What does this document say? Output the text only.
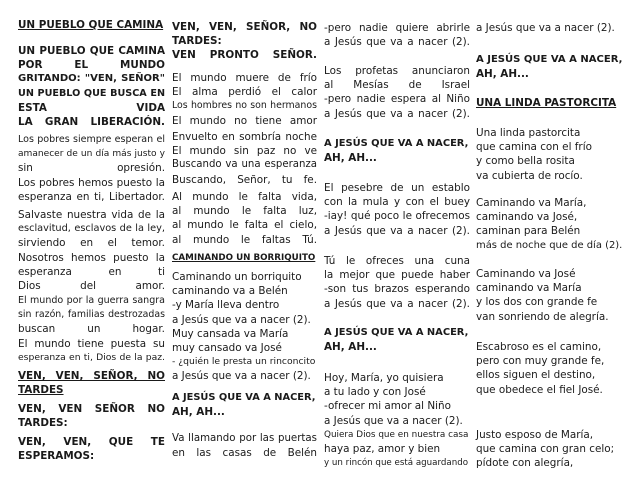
UN PUEBLO QUE CAMINA
UN PUEBLO QUE CAMINA
POR EL MUNDO
GRITANDO: "VEN, SEÑOR"
UN PUEBLO QUE BUSCA EN
ESTA VIDA
LA GRAN LIBERACIÓN.
Los pobres siempre esperan el
amanecer de un día más justo y
sin opresión.
Los pobres hemos puesto la
esperanza en ti, Libertador.
Salvaste nuestra vida de la
esclavitud, esclavos de la ley,
sirviendo en el temor.
Nosotros hemos puesto la
esperanza en ti
Dios del amor.
El mundo por la guerra sangra
sin razón, familias destrozadas
buscan un hogar.
El mundo tiene puesta su
esperanza en ti, Dios de la paz.
VEN, VEN, SEÑOR, NO
TARDES
VEN, VEN SEÑOR NO
TARDES:
VEN, VEN, QUE TE
ESPERAMOS:
VEN, VEN, SEÑOR, NO
TARDES:
VEN PRONTO SEÑOR.
El mundo muere de frío
El alma perdió el calor
Los hombres no son hermanos
El mundo no tiene amor
Envuelto en sombría noche
El mundo sin paz no ve
Buscando va una esperanza
Buscando, Señor, tu fe.
Al mundo le falta vida,
al mundo le falta luz,
al mundo le falta el cielo,
al mundo le faltas Tú.
CAMINANDO UN BORRIQUITO
Caminando un borriquito
caminando va a Belén
-y María lleva dentro
a Jesús que va a nacer (2).
Muy cansada va María
muy cansado va José
- ¿quién le presta un rinconcito
a Jesús que va a nacer (2).
A JESÚS QUE VA A NACER,
AH, AH...
Va llamando por las puertas
en las casas de Belén
-pero nadie quiere abrirle
a Jesús que va a nacer (2).
Los profetas anunciaron
al Mesías de Israel
-pero nadie espera al Niño
a Jesús que va a nacer (2).
A JESÚS QUE VA A NACER,
AH, AH...
El pesebre de un establo
con la mula y con el buey
-iay! qué poco le ofrecemos
a Jesús que va a nacer (2).
Tú le ofreces una cuna
la mejor que puede haber
-son tus brazos esperando
a Jesús que va a nacer (2).
A JESÚS QUE VA A NACER,
AH, AH...
Hoy, María, yo quisiera
a tu lado y con José
-ofrecer mi amor al Niño
a Jesús que va a nacer (2).
Quiera Dios que en nuestra casa
haya paz, amor y bien
y un rincón que está aguardando
a Jesús que va a nacer (2).
A JESÚS QUE VA A NACER,
AH, AH...
UNA LINDA PASTORCITA
Una linda pastorcita
que camina con el frío
y como bella rosita
va cubierta de rocío.
Caminando va María,
caminando va José,
caminan para Belén
más de noche que de día (2).
Caminando va José
caminando va María
y los dos con grande fe
van sonriendo de alegría.
Escabroso es el camino,
pero con muy grande fe,
ellos siguen el destino,
que obedece el fiel José.
Justo esposo de María,
que camina con gran celo;
pídote con alegría,
